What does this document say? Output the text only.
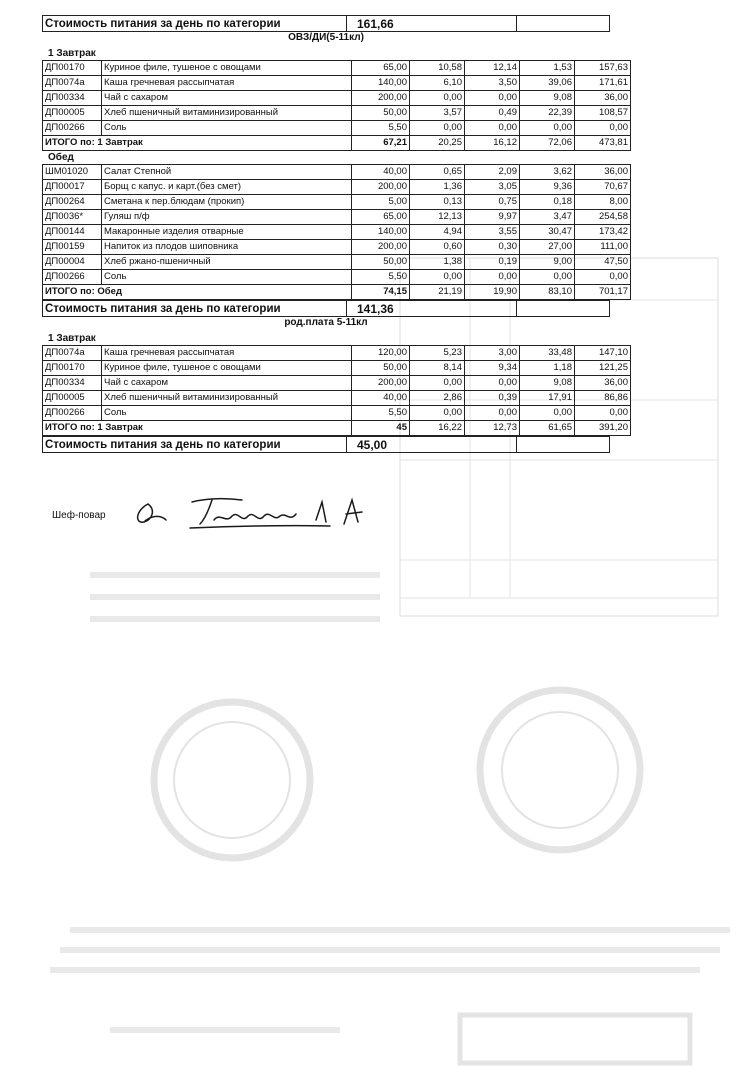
Стоимость питания за день по категории	161,66	
ОВЗ/ДИ(5-11кл)
1 Завтрак
ДП00170	Куриное филе, тушеное с овощами	65,00	10,58	12,14	1,53	157,63
ДП0074а	Каша гречневая рассыпчатая	140,00	6,10	3,50	39,06	171,61
ДП00334	Чай с сахаром	200,00	0,00	0,00	9,08	36,00
ДП00005	Хлеб пшеничный витаминизированный	50,00	3,57	0,49	22,39	108,57
ДП00266	Соль	5,50	0,00	0,00	0,00	0,00
ИТОГО по: 1 Завтрак		67,21	20,25	16,12	72,06	473,81
Обед
ШМ01020	Салат Степной	40,00	0,65	2,09	3,62	36,00
ДП00017	Борщ с капус. и карт.(без смет)	200,00	1,36	3,05	9,36	70,67
ДП00264	Сметана к пер.блюдам (прокип)	5,00	0,13	0,75	0,18	8,00
ДП0036*	Гуляш п/ф	65,00	12,13	9,97	3,47	254,58
ДП00144	Макаронные изделия отварные	140,00	4,94	3,55	30,47	173,42
ДП00159	Напиток из плодов шиповника	200,00	0,60	0,30	27,00	111,00
ДП00004	Хлеб ржано-пшеничный	50,00	1,38	0,19	9,00	47,50
ДП00266	Соль	5,50	0,00	0,00	0,00	0,00
ИТОГО по: Обед		74,15	21,19	19,90	83,10	701,17
Стоимость питания за день по категории	141,36	
род.плата 5-11кл
1 Завтрак
ДП0074а	Каша гречневая рассыпчатая	120,00	5,23	3,00	33,48	147,10
ДП00170	Куриное филе, тушеное с овощами	50,00	8,14	9,34	1,18	121,25
ДП00334	Чай с сахаром	200,00	0,00	0,00	9,08	36,00
ДП00005	Хлеб пшеничный витаминизированный	40,00	2,86	0,39	17,91	86,86
ДП00266	Соль	5,50	0,00	0,00	0,00	0,00
ИТОГО по: 1 Завтрак		45	16,22	12,73	61,65	391,20
Стоимость питания за день по категории	45,00	
Шеф-повар
